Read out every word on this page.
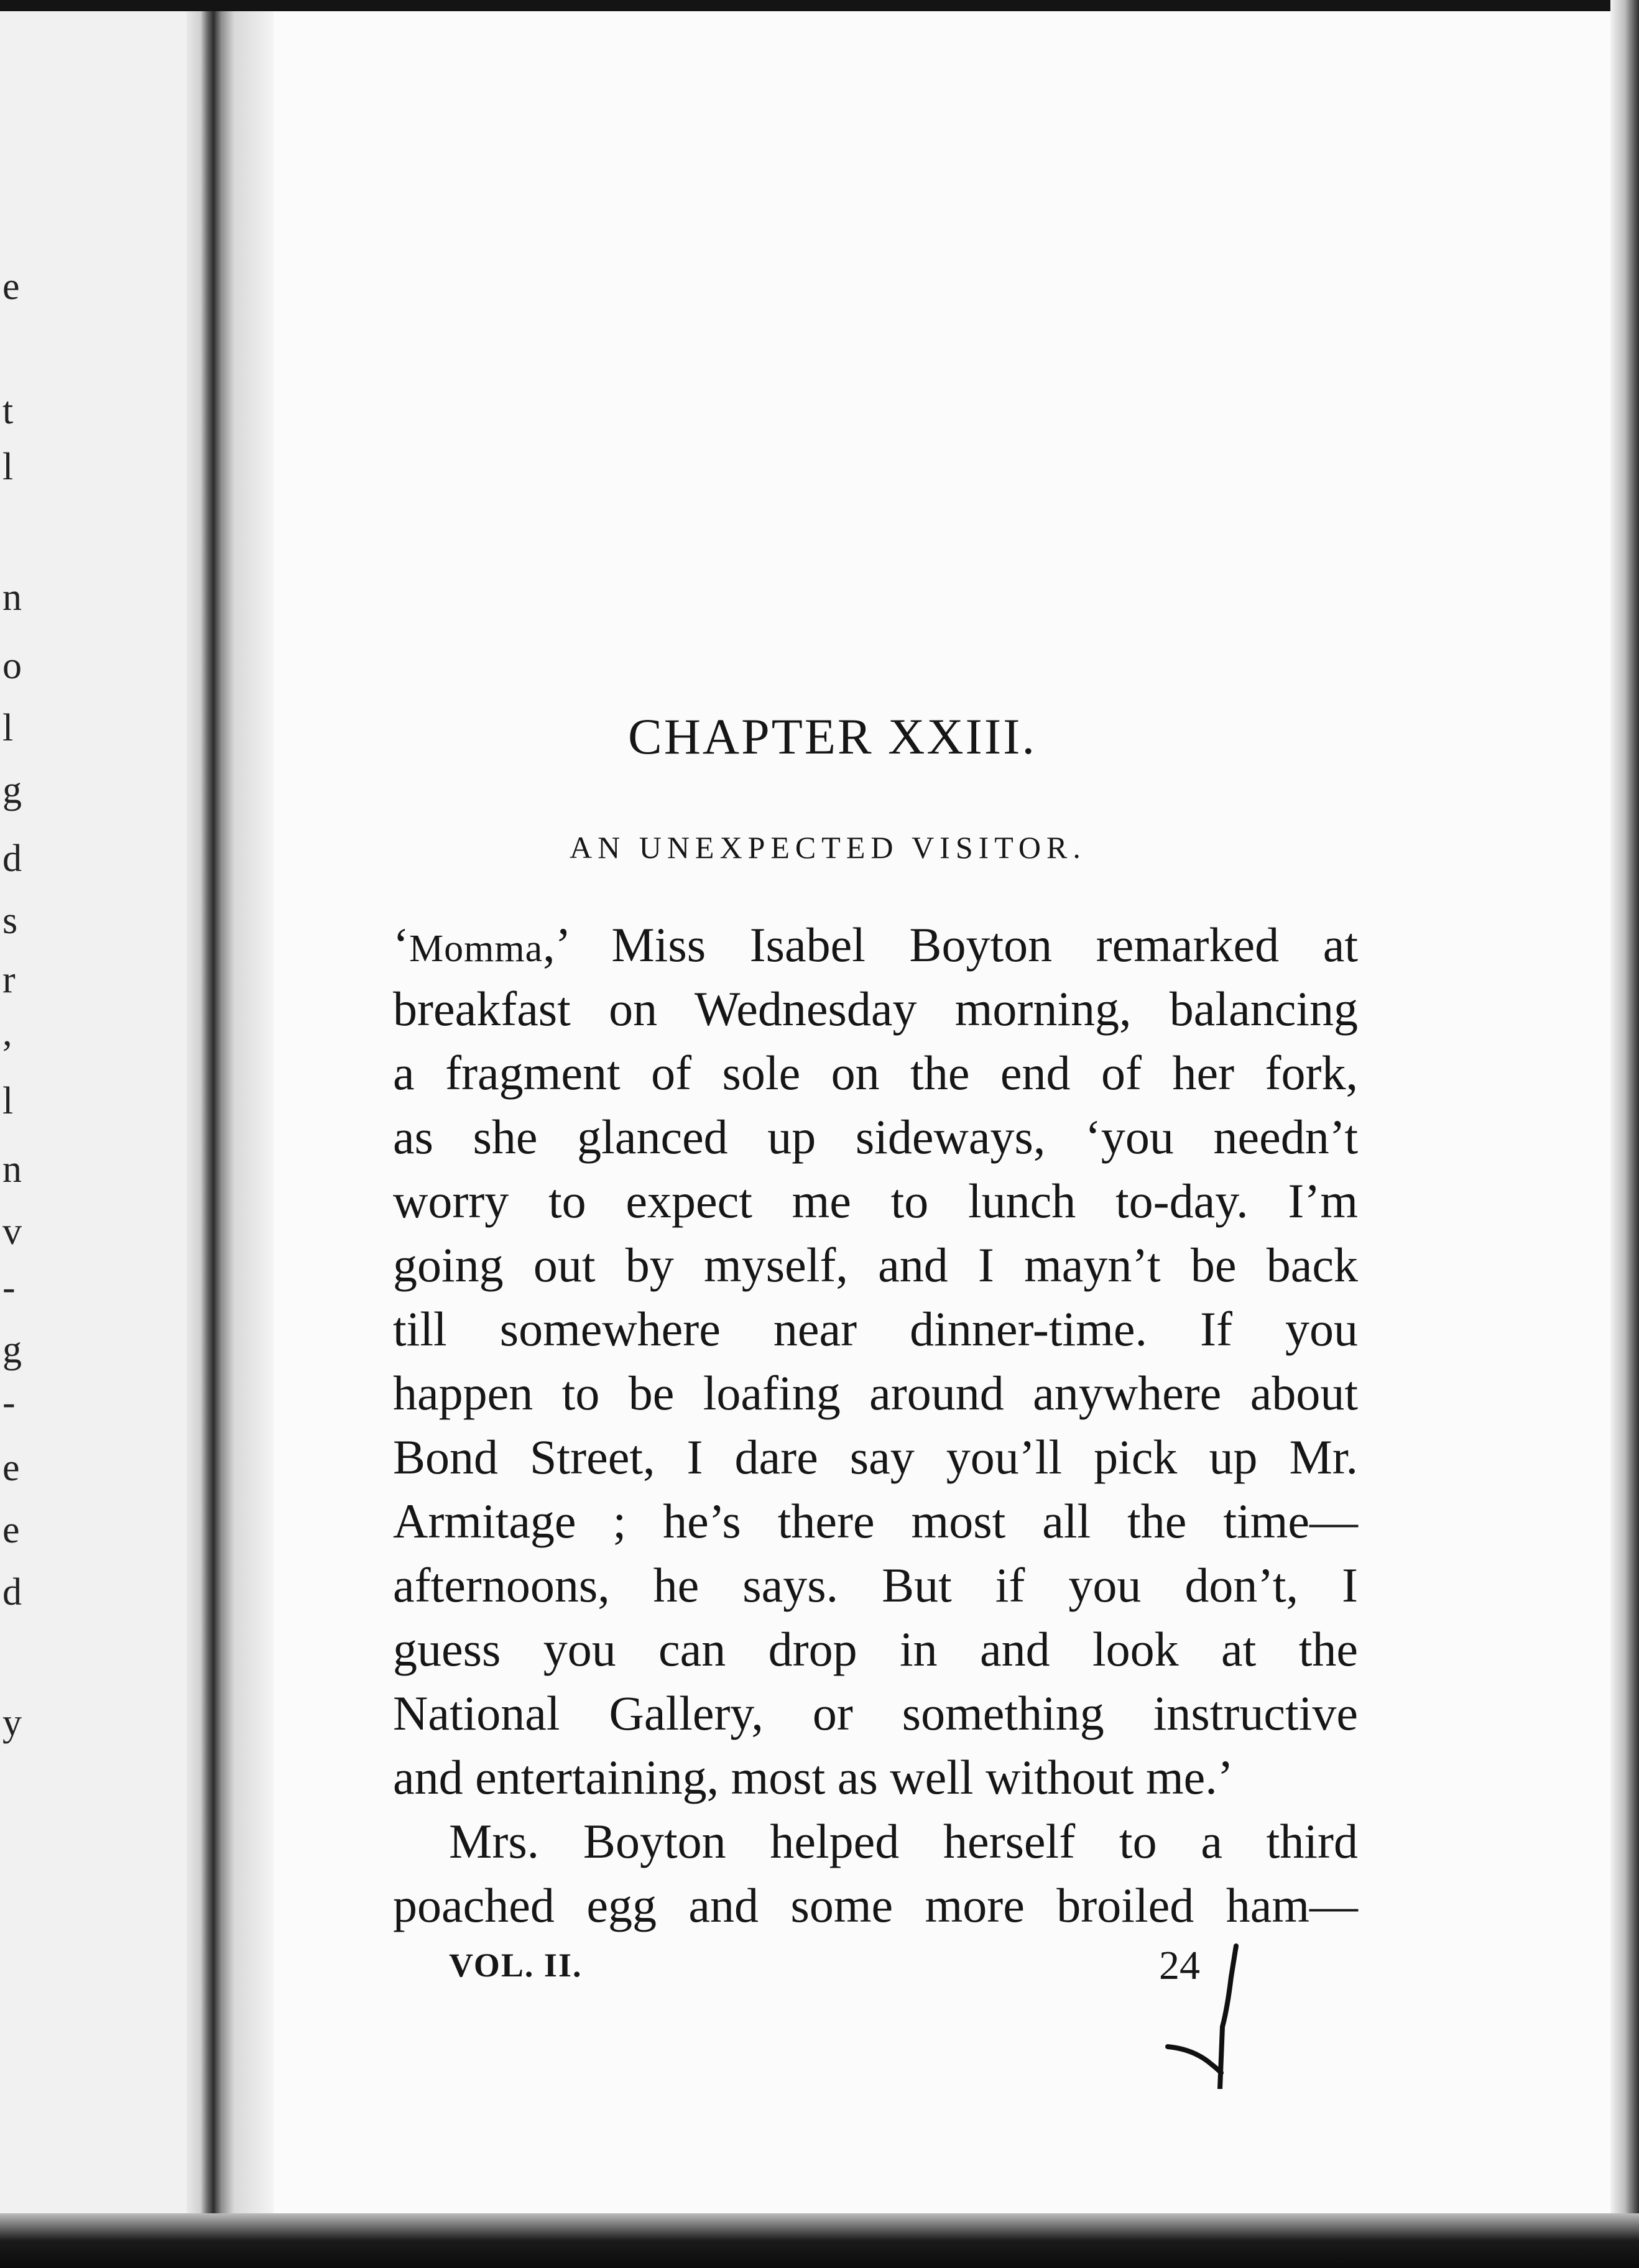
e
t
l
n
o
l
g
d
s
r
,
l
n
v
-
g
-
e
e
d
y
CHAPTER XXIII.
AN UNEXPECTED VISITOR.
‘Momma,’ Miss Isabel Boyton remarked at
breakfast on Wednesday morning, balancing
a fragment of sole on the end of her fork,
as she glanced up sideways, ‘you needn’t
worry to expect me to lunch to-day. I’m
going out by myself, and I mayn’t be back
till somewhere near dinner-time. If you
happen to be loafing around anywhere about
Bond Street, I dare say you’ll pick up Mr.
Armitage ; he’s there most all the time—
afternoons, he says. But if you don’t, I
guess you can drop in and look at the
National Gallery, or something instructive
and entertaining, most as well without me.’
Mrs. Boyton helped herself to a third
poached egg and some more broiled ham—
VOL. II.	24
